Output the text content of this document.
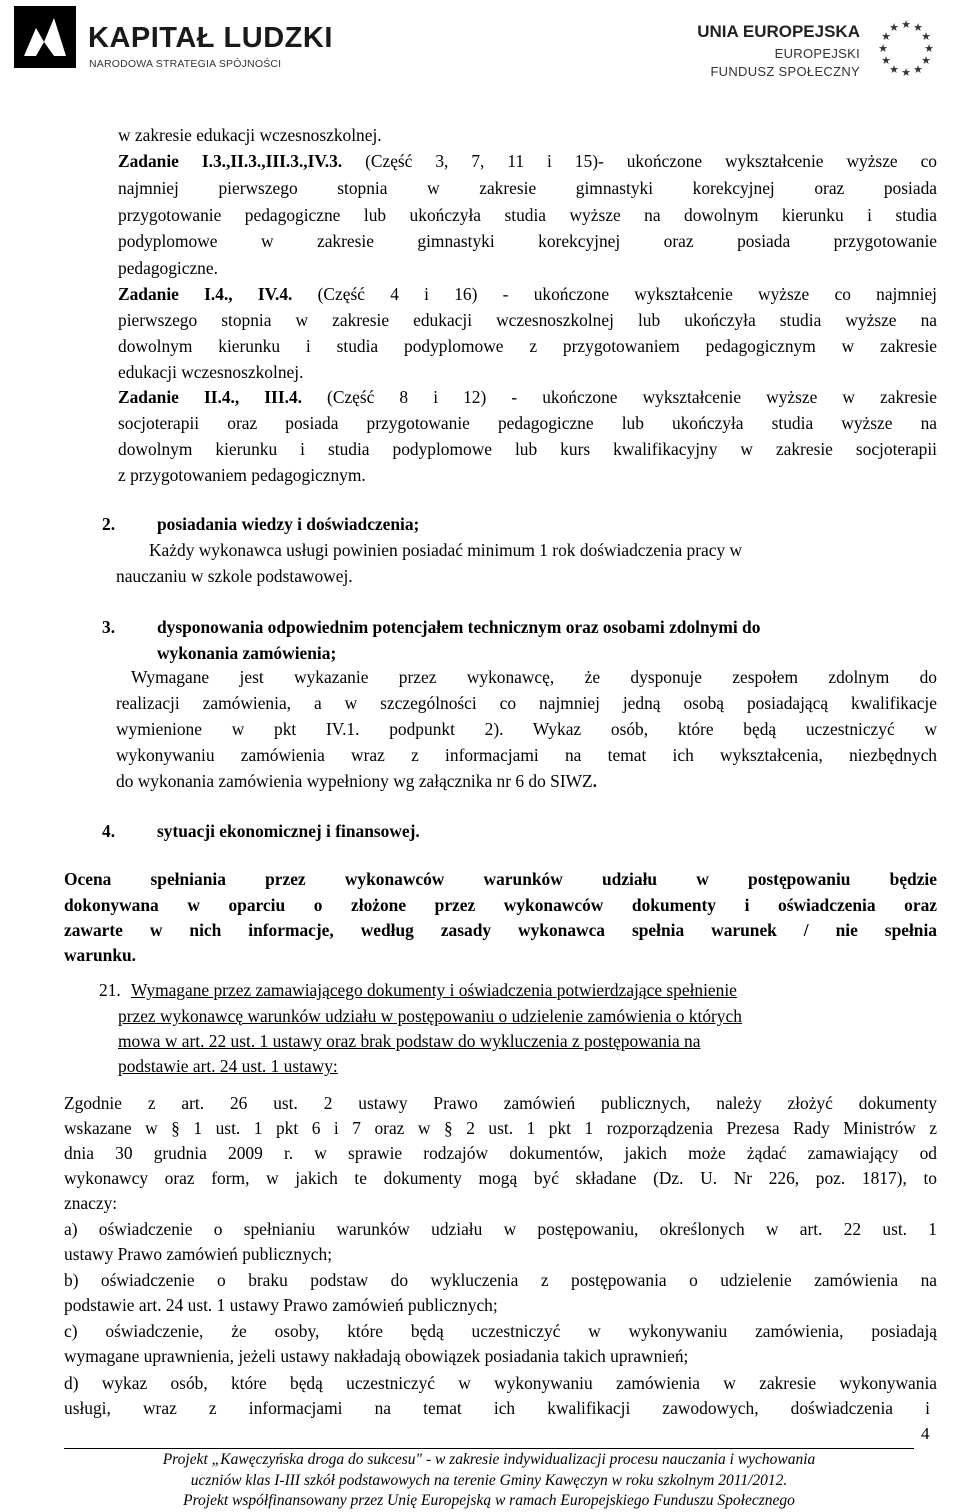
KAPITAŁ LUDZKI
NARODOWA STRATEGIA SPÓJNOŚCI
UNIA EUROPEJSKA
EUROPEJSKI
FUNDUSZ SPOŁECZNY
★ ★
★
★
★
★
★
★
★
★
★
★
w zakresie edukacji wczesnoszkolnej.
Zadanie I.3.,II.3.,III.3.,IV.3. (Część 3, 7, 11 i 15)- ukończone wykształcenie wyższe co
najmniej pierwszego stopnia w zakresie gimnastyki korekcyjnej oraz posiada
przygotowanie pedagogiczne lub ukończyła studia wyższe na dowolnym kierunku i studia
podyplomowe w zakresie gimnastyki korekcyjnej oraz posiada przygotowanie
pedagogiczne.
Zadanie I.4., IV.4. (Część 4 i 16) - ukończone wykształcenie wyższe co najmniej
pierwszego stopnia w zakresie edukacji wczesnoszkolnej lub ukończyła studia wyższe na
dowolnym kierunku i studia podyplomowe z przygotowaniem pedagogicznym w zakresie
edukacji wczesnoszkolnej.
Zadanie II.4., III.4. (Część 8 i 12) - ukończone wykształcenie wyższe w zakresie
socjoterapii oraz posiada przygotowanie pedagogiczne lub ukończyła studia wyższe na
dowolnym kierunku i studia podyplomowe lub kurs kwalifikacyjny w zakresie socjoterapii
z przygotowaniem pedagogicznym.
2. posiadania wiedzy i doświadczenia;
Każdy wykonawca usługi powinien posiadać minimum 1 rok doświadczenia pracy w
nauczaniu w szkole podstawowej.
3. dysponowania odpowiednim potencjałem technicznym oraz osobami zdolnymi do
wykonania zamówienia;
Wymagane jest wykazanie przez wykonawcę, że dysponuje zespołem zdolnym do
realizacji zamówienia, a w szczególności co najmniej jedną osobą posiadającą kwalifikacje
wymienione w pkt IV.1. podpunkt 2). Wykaz osób, które będą uczestniczyć w
wykonywaniu zamówienia wraz z informacjami na temat ich wykształcenia, niezbędnych
do wykonania zamówienia wypełniony wg załącznika nr 6 do SIWZ.
4. sytuacji ekonomicznej i finansowej.
Ocena spełniania przez wykonawców warunków udziału w postępowaniu będzie
dokonywana w oparciu o złożone przez wykonawców dokumenty i oświadczenia oraz
zawarte w nich informacje, według zasady wykonawca spełnia warunek / nie spełnia
warunku.
21. Wymagane przez zamawiającego dokumenty i oświadczenia potwierdzające spełnienie
przez wykonawcę warunków udziału w postępowaniu o udzielenie zamówienia o których
mowa w art. 22 ust. 1 ustawy oraz brak podstaw do wykluczenia z postępowania na
podstawie art. 24 ust. 1 ustawy:
Zgodnie z art. 26 ust. 2 ustawy Prawo zamówień publicznych, należy złożyć dokumenty
wskazane w § 1 ust. 1 pkt 6 i 7 oraz w § 2 ust. 1 pkt 1 rozporządzenia Prezesa Rady Ministrów z
dnia 30 grudnia 2009 r. w sprawie rodzajów dokumentów, jakich może żądać zamawiający od
wykonawcy oraz form, w jakich te dokumenty mogą być składane (Dz. U. Nr 226, poz. 1817), to
znaczy:
a) oświadczenie o spełnianiu warunków udziału w postępowaniu, określonych w art. 22 ust. 1
ustawy Prawo zamówień publicznych;
b) oświadczenie o braku podstaw do wykluczenia z postępowania o udzielenie zamówienia na
podstawie art. 24 ust. 1 ustawy Prawo zamówień publicznych;
c) oświadczenie, że osoby, które będą uczestniczyć w wykonywaniu zamówienia, posiadają
wymagane uprawnienia, jeżeli ustawy nakładają obowiązek posiadania takich uprawnień;
d) wykaz osób, które będą uczestniczyć w wykonywaniu zamówienia w zakresie wykonywania
usługi, wraz z informacjami na temat ich kwalifikacji zawodowych, doświadczenia i
4
Projekt „Kawęczyńska droga do sukcesu" - w zakresie indywidualizacji procesu nauczania i wychowania
uczniów klas I-III szkół podstawowych na terenie Gminy Kawęczyn w roku szkolnym 2011/2012.
Projekt współfinansowany przez Unię Europejską w ramach Europejskiego Funduszu Społecznego
